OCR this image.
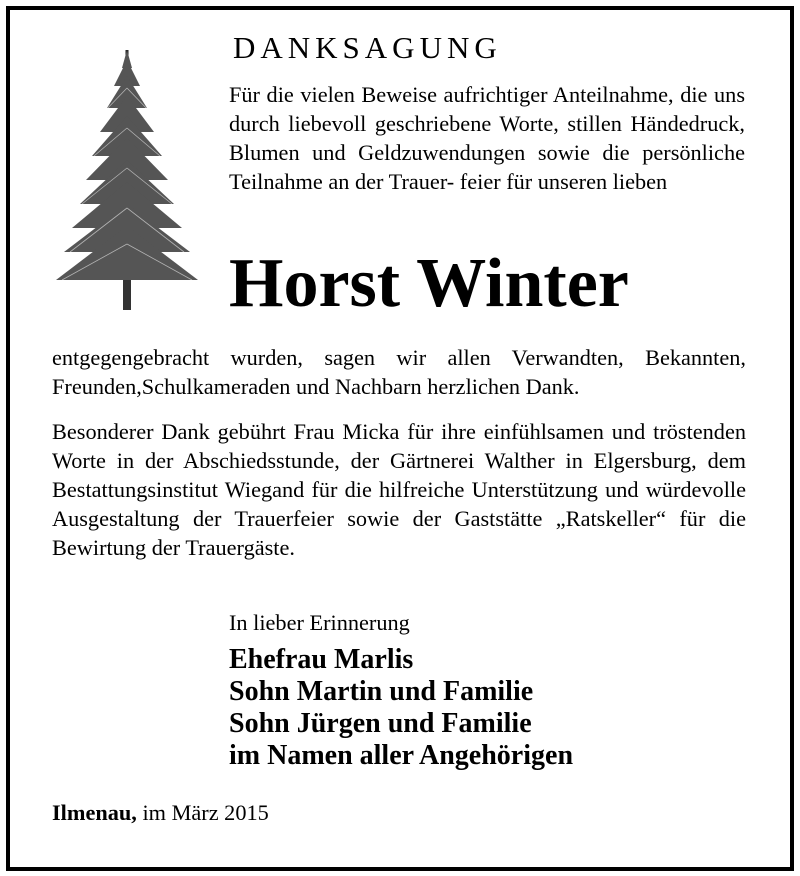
DANKSAGUNG
Für die vielen Beweise aufrichtiger Anteilnahme, die uns durch liebevoll geschriebene Worte, stillen Händedruck, Blumen und Geldzuwendungen sowie die persönliche Teilnahme an der Trauer- feier für unseren lieben
Horst Winter
entgegengebracht wurden, sagen wir allen Verwandten, Bekannten, Freunden,Schulkameraden und Nachbarn herzlichen Dank.
Besonderer Dank gebührt Frau Micka für ihre einfühlsamen und tröstenden Worte in der Abschiedsstunde, der Gärtnerei Walther in Elgersburg, dem Bestattungsinstitut Wiegand für die hilfreiche Unterstützung und würdevolle Ausgestaltung der Trauerfeier sowie der Gaststätte „Ratskeller“ für die Bewirtung der Trauergäste.
In lieber Erinnerung
Ehefrau Marlis
Sohn Martin und Familie
Sohn Jürgen und Familie
im Namen aller Angehörigen
Ilmenau, im März 2015
